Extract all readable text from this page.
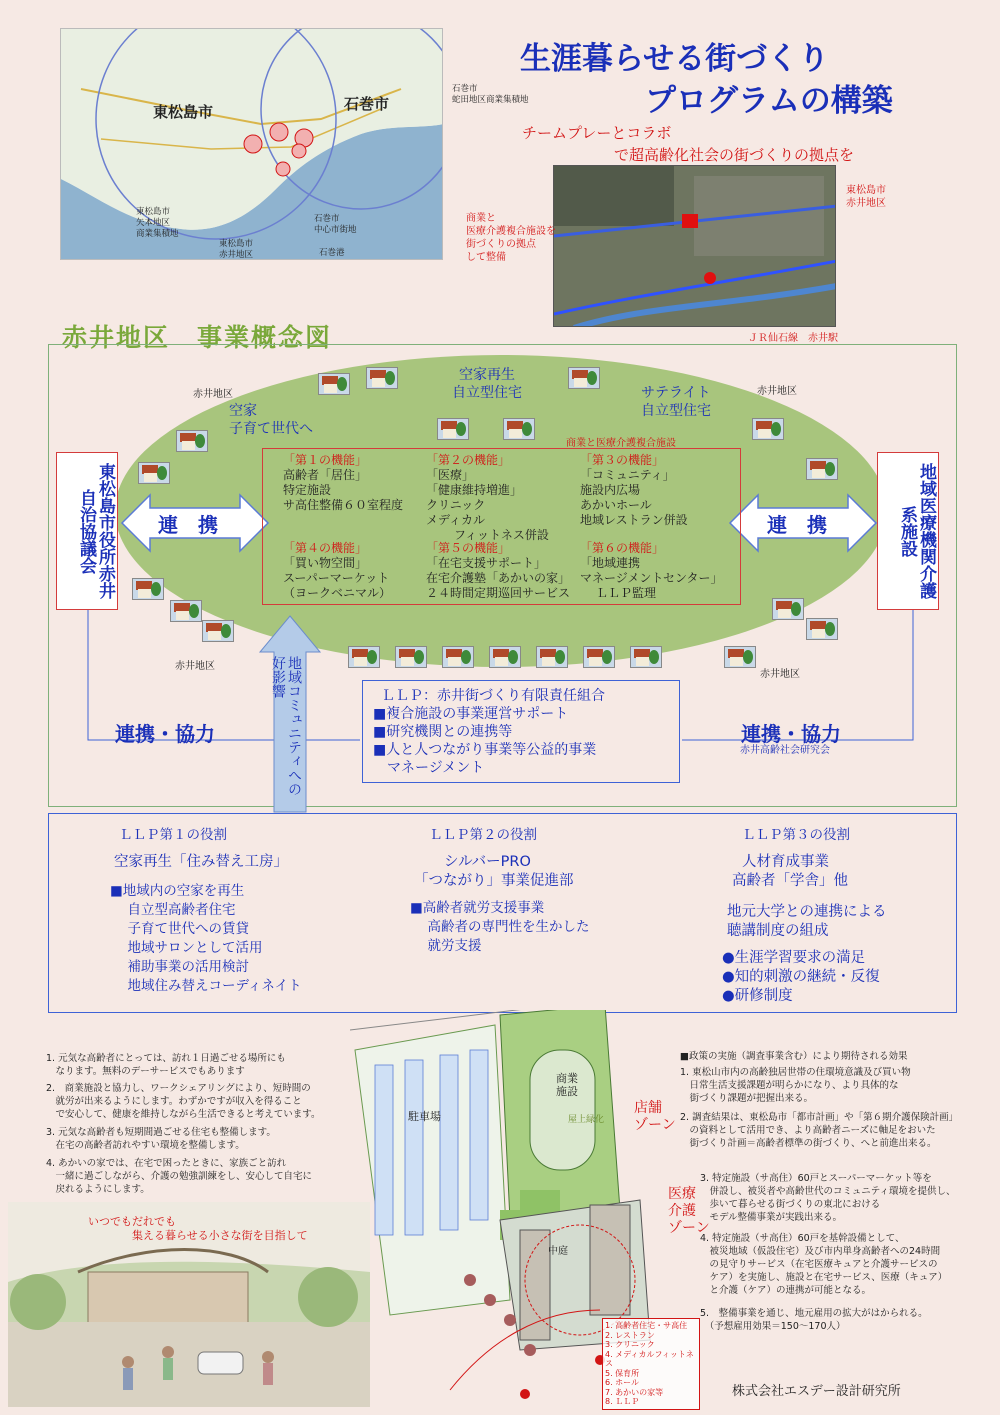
東松島市	石巻市
東松島市
矢本地区
商業集積地
東松島市
赤井地区
石巻市
中心市街地
石巻港
石巻市
蛇田地区商業集積地
生涯暮らせる街づくり
プログラムの構築
チームプレーとコラボ
で超高齢化社会の街づくりの拠点を
商業と
医療介護複合施設を
街づくりの拠点
して整備
東松島市
赤井地区
ＪＲ仙石線　赤井駅
赤井地区　事業概念図
赤井地区	赤井地区
赤井地区
赤井地区
空家
子育て世代へ
空家再生
自立型住宅	サテライト
自立型住宅
商業と医療介護複合施設
東松島市役所赤井自治協議会	地域医療機関介護系施設
連　携	連　携
「第１の機能」
高齢者「居住」
特定施設
サ高住整備６０室程度
「第２の機能」
「医療」
「健康維持増進」
クリニック
メディカル
フィットネス併設
「第３の機能」
「コミュニティ」
施設内広場
あかいホール
地域レストラン併設
「第４の機能」
「買い物空間」
スーパーマーケット
（ヨークベニマル）
「第５の機能」
「在宅支援サポート」
在宅介護塾「あかいの家」
２４時間定期巡回サービス
「第６の機能」
「地域連携
マネージメントセンター」
ＬＬＰ監理
地域コミュニティへの好影響
連携・協力	連携・協力
赤井高齢社会研究会
ＬＬＰ：赤井街づくり有限責任組合
■複合施設の事業運営サポート
■研究機関との連携等
■人と人つながり事業等公益的事業
　マネージメント
ＬＬＰ第１の役割
空家再生「住み替え工房」
■地域内の空家を再生
　自立型高齢者住宅
　子育て世代への賃貸
　地域サロンとして活用
　補助事業の活用検討
　地域住み替えコーディネイト
ＬＬＰ第２の役割
シルバーPRO
「つながり」事業促進部
■高齢者就労支援事業
　高齢者の専門性を生かした
　就労支援
ＬＬＰ第３の役割
人材育成事業
高齢者「学舎」他
地元大学との連携による
聴講制度の組成
●生涯学習要求の満足
●知的刺激の継続・反復
●研修制度
1. 元気な高齢者にとっては、訪れ１日過ごせる場所にも
　なります。無料のデーサービスでもあります
2.　商業施設と協力し、ワークシェアリングにより、短時間の
　就労が出来るようにします。わずかですが収入を得ること
　で安心して、健康を維持しながら生活できると考えています。
3. 元気な高齢者も短期間過ごせる住宅も整備します。
　在宅の高齢者訪れやすい環境を整備します。
4. あかいの家では、在宅で困ったときに、家族ごと訪れ
　一緒に過ごしながら、介護の勉強訓練をし、安心して自宅に
　戻れるようにします。
いつでもだれでも
集える暮らせる小さな街を目指して
駐車場
商業
施設
屋上緑化
中庭
店舗
ゾーン
医療
介護
ゾーン
1. 高齢者住宅・サ高住
2. レストラン
3. クリニック
4. メディカルフィットネス
5. 保育所
6. ホール
7. あかいの家等
8. ＬＬＰ
■政策の実施（調査事業含む）により期待される効果
1. 東松山市内の高齢独居世帯の住環境意識及び買い物
　日常生活支援課題が明らかになり、より具体的な
　街づくり課題が把握出来る。
2. 調査結果は、東松島市「都市計画」や「第６期介護保険計画」
　の資料として活用でき、より高齢者ニーズに軸足をおいた
　街づくり計画＝高齢者標準の街づくり、へと前進出来る。
3. 特定施設（サ高住）60戸とスーパーマーケット等を
　併設し、被災者や高齢世代のコミュニティ環境を提供し、
　歩いて暮らせる街づくりの東北における
　モデル整備事業が実践出来る。
4. 特定施設（サ高住）60戸を基幹設備として、
　被災地域（仮設住宅）及び市内単身高齢者への24時間
　の見守りサービス（在宅医療キュアと介護サービスの
　ケア）を実施し、施設と在宅サービス、医療（キュア）
　と介護（ケア）の連携が可能となる。
5.　整備事業を通じ、地元雇用の拡大がはかられる。
　（予想雇用効果＝150〜170人）
株式会社エスデー設計研究所
